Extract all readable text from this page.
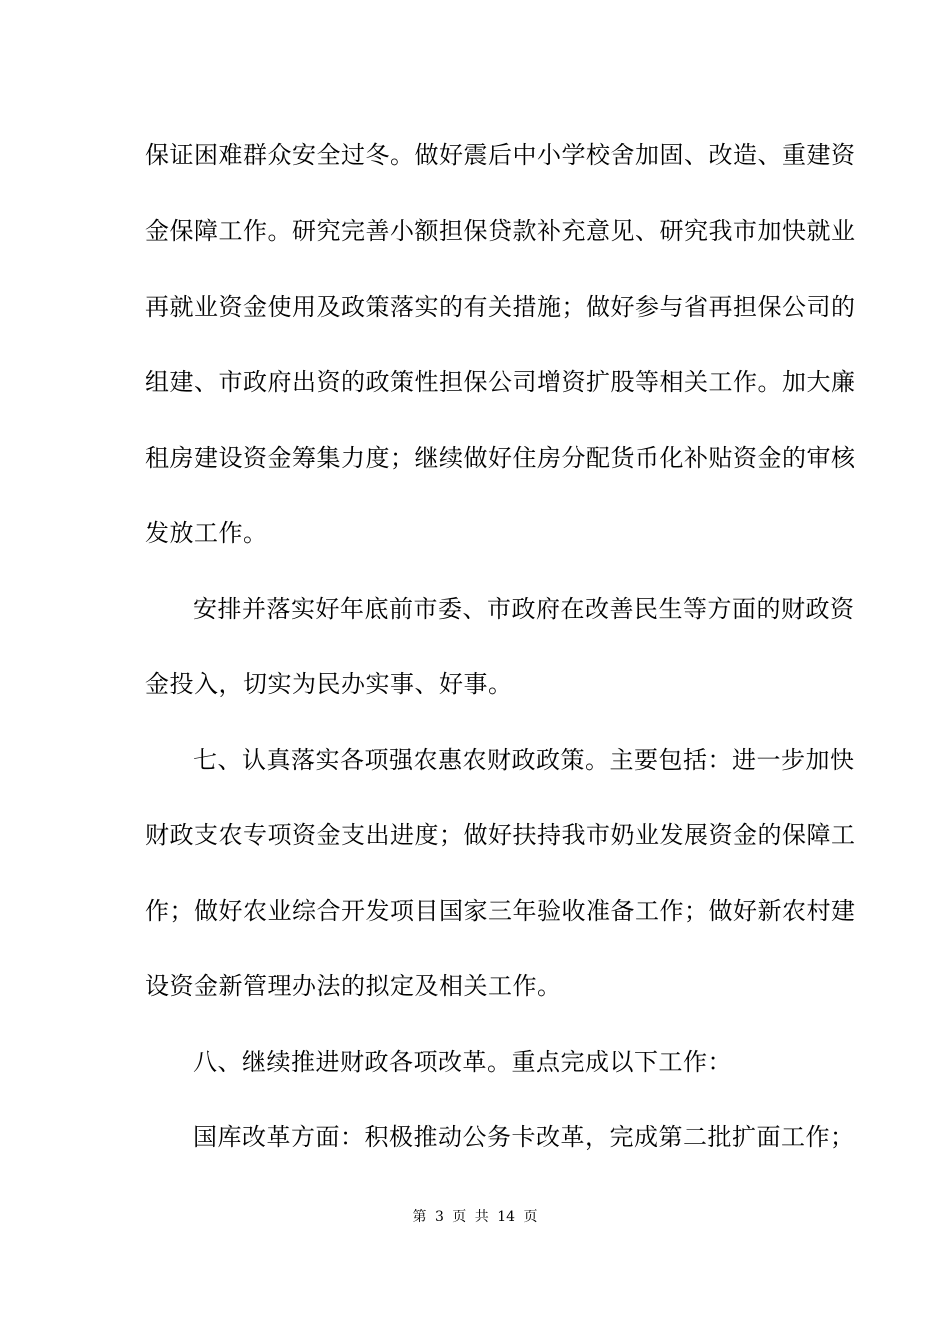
保证困难群众安全过冬。做好震后中小学校舍加固、改造、重建资
金保障工作。研究完善小额担保贷款补充意见、研究我市加快就业
再就业资金使用及政策落实的有关措施；做好参与省再担保公司的
组建、市政府出资的政策性担保公司增资扩股等相关工作。加大廉
租房建设资金筹集力度；继续做好住房分配货币化补贴资金的审核
发放工作。
安排并落实好年底前市委、市政府在改善民生等方面的财政资
金投入，切实为民办实事、好事。
七、认真落实各项强农惠农财政政策。主要包括：进一步加快
财政支农专项资金支出进度；做好扶持我市奶业发展资金的保障工
作；做好农业综合开发项目国家三年验收准备工作；做好新农村建
设资金新管理办法的拟定及相关工作。
八、继续推进财政各项改革。重点完成以下工作：
国库改革方面：积极推动公务卡改革，完成第二批扩面工作；
第 3 页 共 14 页
